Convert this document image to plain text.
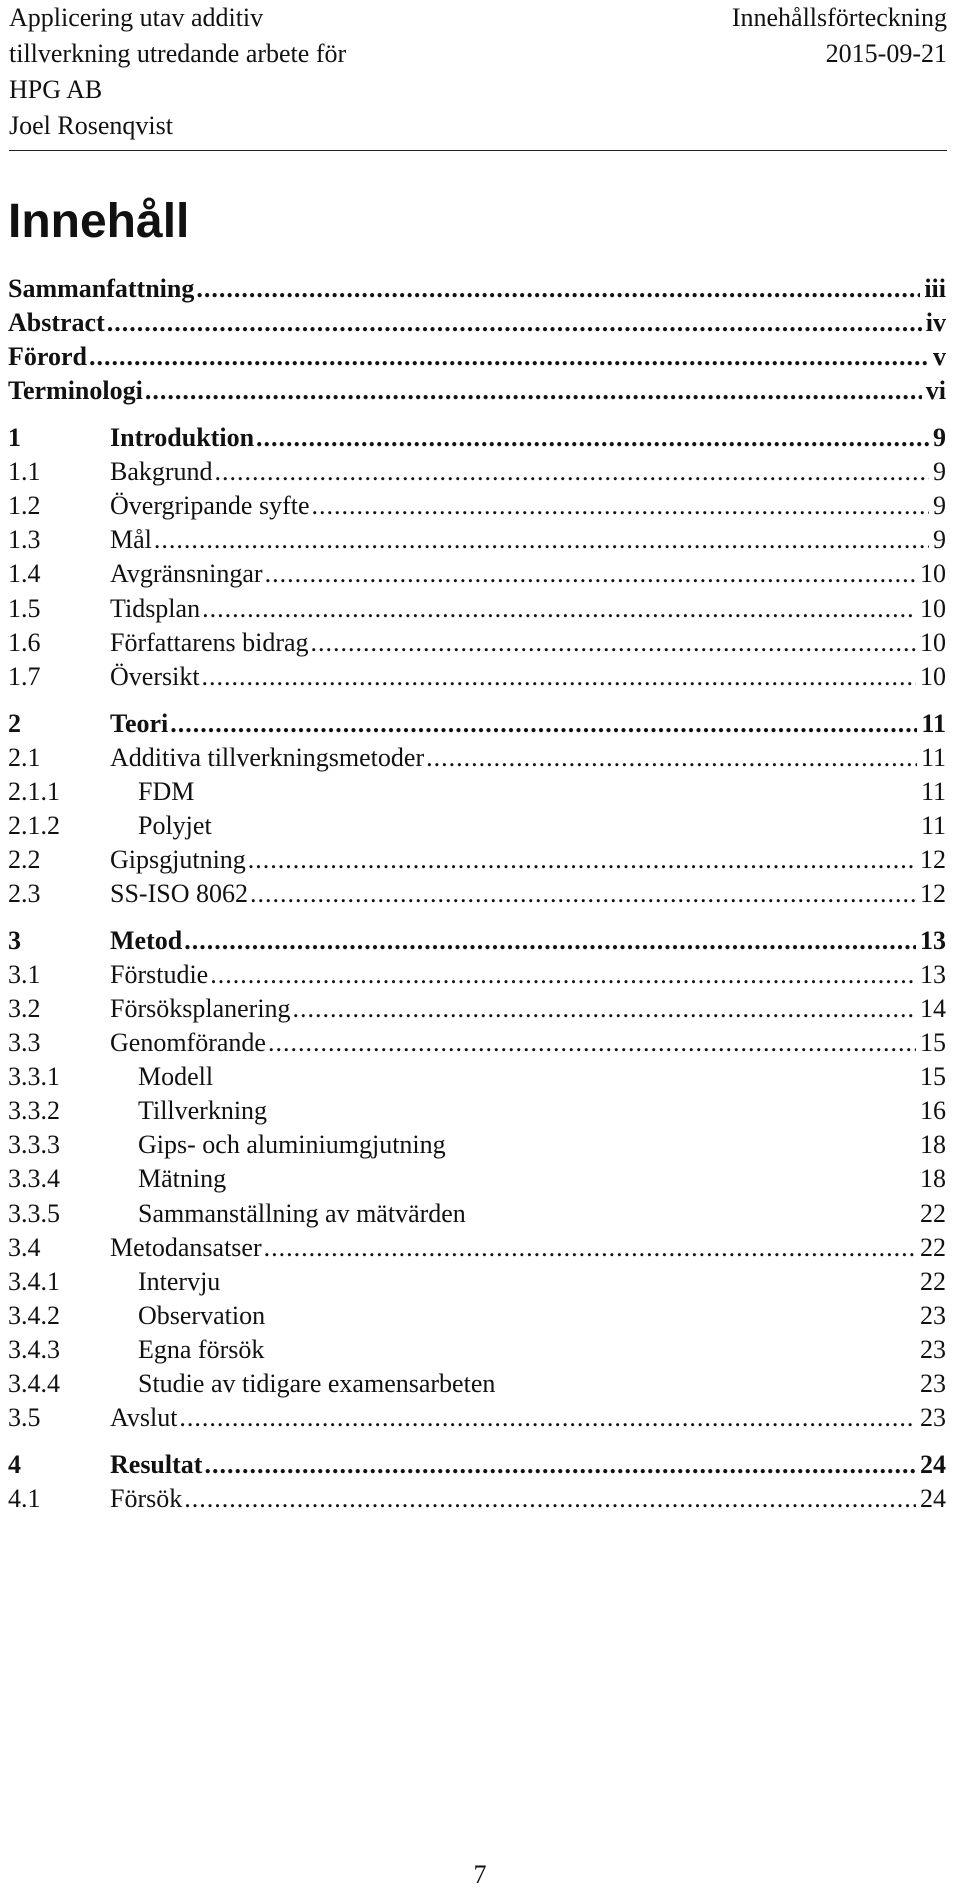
Applicering utav additiv
tillverkning utredande arbete för
HPG AB
Joel Rosenqvist
Innehållsförteckning
2015-09-21
Innehåll
Sammanfattning .....	iii
Abstract .....	iv
Förord .....	v
Terminologi .....	vi
1	Introduktion .....	9
1.1	Bakgrund .....	9
1.2	Övergripande syfte .....	9
1.3	Mål .....	9
1.4	Avgränsningar .....	10
1.5	Tidsplan .....	10
1.6	Författarens bidrag .....	10
1.7	Översikt .....	10
2	Teori .....	11
2.1	Additiva tillverkningsmetoder .....	11
2.1.1	FDM	11
2.1.2	Polyjet	11
2.2	Gipsgjutning .....	12
2.3	SS-ISO 8062 .....	12
3	Metod .....	13
3.1	Förstudie .....	13
3.2	Försöksplanering .....	14
3.3	Genomförande .....	15
3.3.1	Modell	15
3.3.2	Tillverkning	16
3.3.3	Gips- och aluminiumgjutning	18
3.3.4	Mätning	18
3.3.5	Sammanställning av mätvärden	22
3.4	Metodansatser .....	22
3.4.1	Intervju	22
3.4.2	Observation	23
3.4.3	Egna försök	23
3.4.4	Studie av tidigare examensarbeten	23
3.5	Avslut .....	23
4	Resultat .....	24
4.1	Försök .....	24
7
